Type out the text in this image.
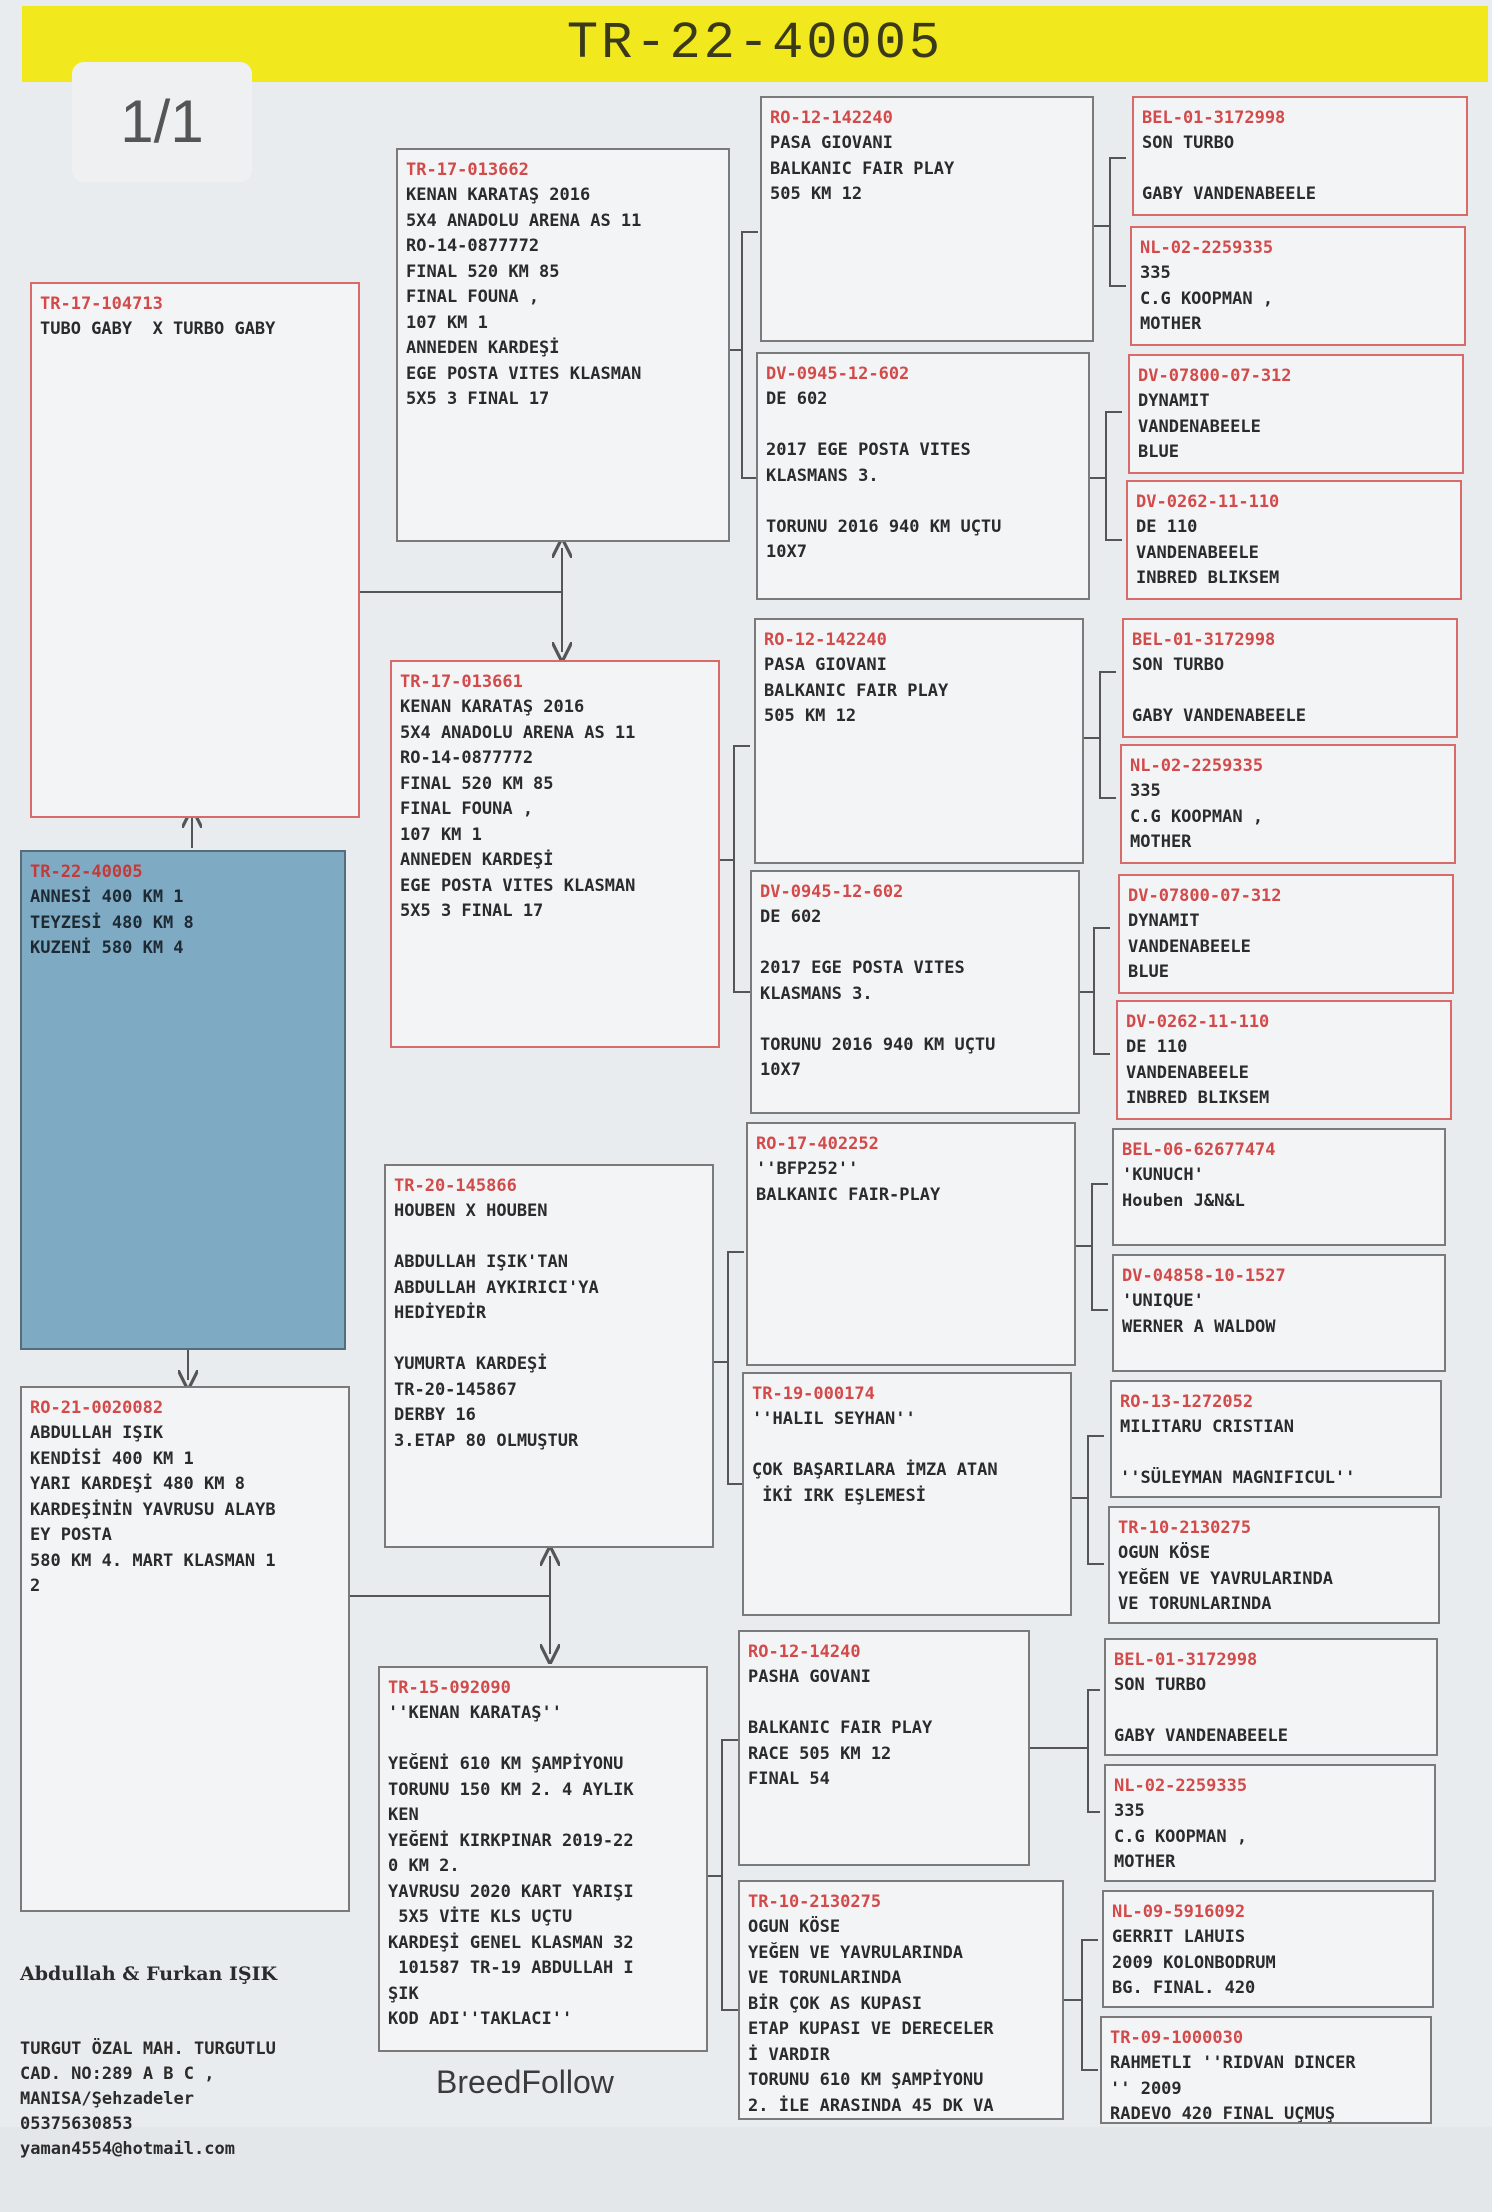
TR-22-40005
1/1
TR-22-40005
ANNESİ 400 KM 1
TEYZESİ 480 KM 8
KUZENİ 580 KM 4
TR-17-104713
TUBO GABY  X TURBO GABY
RO-21-0020082
ABDULLAH IŞIK
KENDİSİ 400 KM 1
YARI KARDEŞİ 480 KM 8
KARDEŞİNİN YAVRUSU ALAYB
EY POSTA
580 KM 4. MART KLASMAN 1
2
TR-17-013662
KENAN KARATAŞ 2016
5X4 ANADOLU ARENA AS 11
RO-14-0877772
FINAL 520 KM 85
FINAL FOUNA ,
107 KM 1
ANNEDEN KARDEŞİ
EGE POSTA VITES KLASMAN
5X5 3 FINAL 17
TR-17-013661
KENAN KARATAŞ 2016
5X4 ANADOLU ARENA AS 11
RO-14-0877772
FINAL 520 KM 85
FINAL FOUNA ,
107 KM 1
ANNEDEN KARDEŞİ
EGE POSTA VITES KLASMAN
5X5 3 FINAL 17
TR-20-145866
HOUBEN X HOUBEN

ABDULLAH IŞIK'TAN
ABDULLAH AYKIRICI'YA
HEDİYEDİR

YUMURTA KARDEŞİ
TR-20-145867
DERBY 16
3.ETAP 80 OLMUŞTUR
TR-15-092090
''KENAN KARATAŞ''

YEĞENİ 610 KM ŞAMPİYONU
TORUNU 150 KM 2. 4 AYLIK
KEN
YEĞENİ KIRKPINAR 2019-22
0 KM 2.
YAVRUSU 2020 KART YARIŞI
5X5 VİTE KLS UÇTU
KARDEŞİ GENEL KLASMAN 32
101587 TR-19 ABDULLAH I
ŞIK
KOD ADI''TAKLACI''
RO-12-142240
PASA GIOVANI
BALKANIC FAIR PLAY
505 KM 12
DV-0945-12-602
DE 602

2017 EGE POSTA VITES
KLASMANS 3.

TORUNU 2016 940 KM UÇTU
10X7
RO-12-142240
PASA GIOVANI
BALKANIC FAIR PLAY
505 KM 12
DV-0945-12-602
DE 602

2017 EGE POSTA VITES
KLASMANS 3.

TORUNU 2016 940 KM UÇTU
10X7
RO-17-402252
''BFP252''
BALKANIC FAIR-PLAY
TR-19-000174
''HALIL SEYHAN''

ÇOK BAŞARILARA İMZA ATAN
İKİ IRK EŞLEMESİ
RO-12-14240
PASHA GOVANI

BALKANIC FAIR PLAY
RACE 505 KM 12
FINAL 54
TR-10-2130275
OGUN KÖSE
YEĞEN VE YAVRULARINDA
VE TORUNLARINDA
BİR ÇOK AS KUPASI
ETAP KUPASI VE DERECELER
İ VARDIR
TORUNU 610 KM ŞAMPİYONU
2. İLE ARASINDA 45 DK VA
BEL-01-3172998
SON TURBO

GABY VANDENABEELE
NL-02-2259335
335
C.G KOOPMAN ,
MOTHER
DV-07800-07-312
DYNAMIT
VANDENABEELE
BLUE
DV-0262-11-110
DE 110
VANDENABEELE
INBRED BLIKSEM
BEL-01-3172998
SON TURBO

GABY VANDENABEELE
NL-02-2259335
335
C.G KOOPMAN ,
MOTHER
DV-07800-07-312
DYNAMIT
VANDENABEELE
BLUE
DV-0262-11-110
DE 110
VANDENABEELE
INBRED BLIKSEM
BEL-06-62677474
'KUNUCH'
Houben J&N&L
DV-04858-10-1527
'UNIQUE'
WERNER A WALDOW
RO-13-1272052
MILITARU CRISTIAN

''SÜLEYMAN MAGNIFICUL''
TR-10-2130275
OGUN KÖSE
YEĞEN VE YAVRULARINDA
VE TORUNLARINDA
BEL-01-3172998
SON TURBO

GABY VANDENABEELE
NL-02-2259335
335
C.G KOOPMAN ,
MOTHER
NL-09-5916092
GERRIT LAHUIS
2009 KOLONBODRUM
BG. FINAL. 420
TR-09-1000030
RAHMETLI ''RIDVAN DINCER
'' 2009
RADEVO 420 FINAL UÇMUŞ

Abdullah & Furkan IŞIK

TURGUT ÖZAL MAH. TURGUTLU
CAD. NO:289 A B C ,
MANISA/Şehzadeler
05375630853
yaman4554@hotmail.com

BreedFollow
